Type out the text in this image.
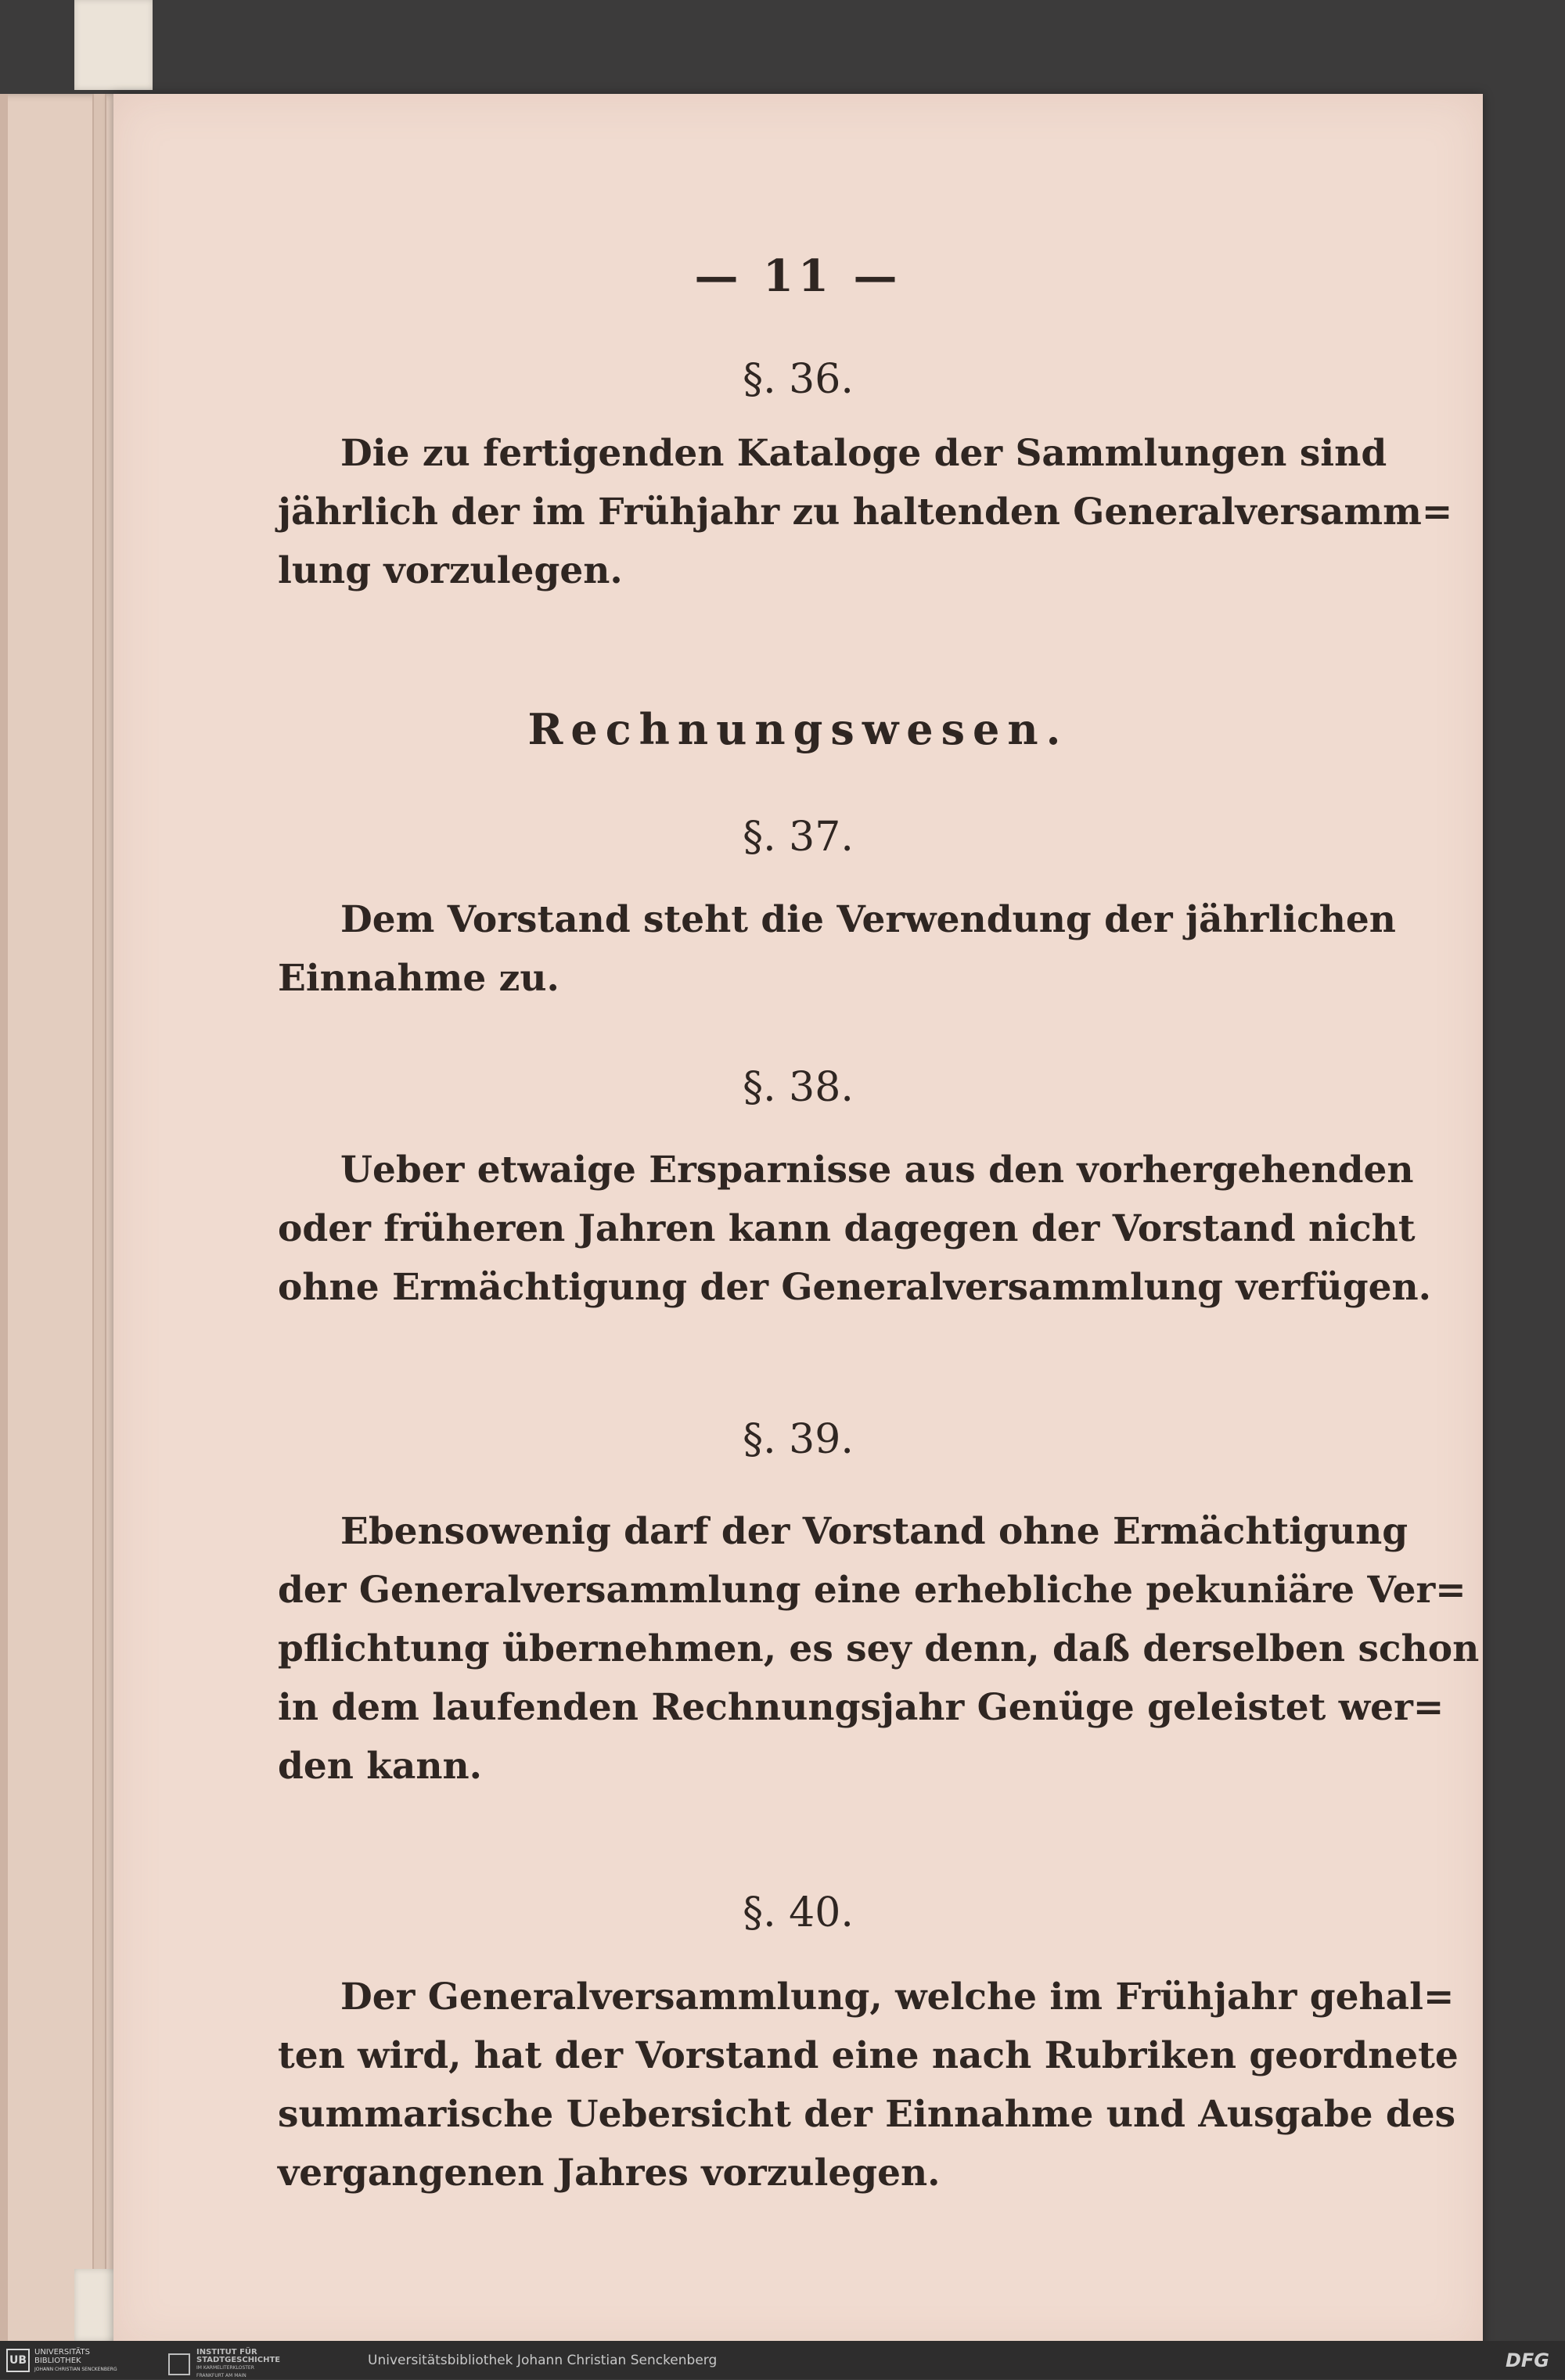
— 11 —
§. 36.
Die zu fertigenden Kataloge der Sammlungen sind
jährlich der im Frühjahr zu haltenden Generalversamm=
lung vorzulegen.
Rechnungswesen.
§. 37.
Dem Vorstand steht die Verwendung der jährlichen
Einnahme zu.
§. 38.
Ueber etwaige Ersparnisse aus den vorhergehenden
oder früheren Jahren kann dagegen der Vorstand nicht
ohne Ermächtigung der Generalversammlung verfügen.
§. 39.
Ebensowenig darf der Vorstand ohne Ermächtigung
der Generalversammlung eine erhebliche pekuniäre Ver=
pflichtung übernehmen, es sey denn, daß derselben schon
in dem laufenden Rechnungsjahr Genüge geleistet wer=
den kann.
§. 40.
Der Generalversammlung, welche im Frühjahr gehal=
ten wird, hat der Vorstand eine nach Rubriken geordnete
summarische Uebersicht der Einnahme und Ausgabe des
vergangenen Jahres vorzulegen.
UB
UNIVERSITÄTS
BIBLIOTHEK
JOHANN CHRISTIAN SENCKENBERG
INSTITUT FÜR
STADTGESCHICHTE
IM KARMELITERKLOSTER
FRANKFURT AM MAIN
Universitätsbibliothek Johann Christian Senckenberg	DFG
